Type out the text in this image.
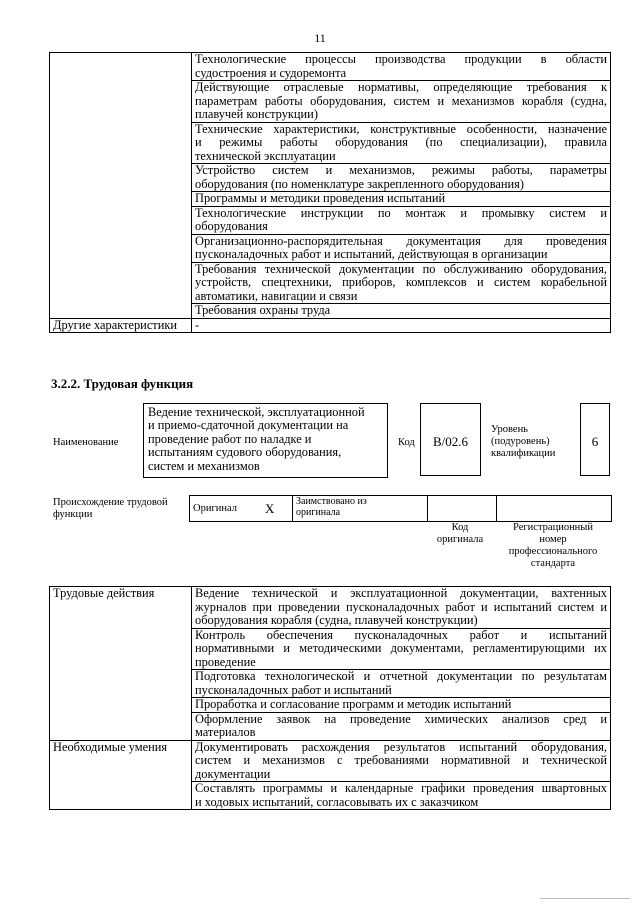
11

	Технологические процессы производства продукции в области
судостроения и судоремонта

	Действующие отраслевые нормативы, определяющие требования к
параметрам работы оборудования, систем и механизмов корабля (судна,
плавучей конструкции)

	Технические характеристики, конструктивные особенности, назначение
и режимы работы оборудования (по специализации), правила
технической эксплуатации

	Устройство систем и механизмов, режимы работы, параметры
оборудования (по номенклатуре закрепленного оборудования)

	Программы и методики проведения испытаний

	Технологические инструкции по монтаж и промывку систем и
оборудования

	Организационно-распорядительная документация для проведения
пусконаладочных работ и испытаний, действующая в организации

	Требования технической документации по обслуживанию оборудования,
устройств, спецтехники, приборов, комплексов и систем корабельной
автоматики, навигации и связи

	Требования охраны труда

Другие характеристики	-
3.2.2. Трудовая функция
Наименование
Ведение технической, эксплуатационной
и приемо-сдаточной документации на
проведение работ по наладке и
испытаниям судового оборудования,
систем и механизмов
Код	В/02.6
Уровень
(подуровень)
квалификации
6
Происхождение трудовой
функции
Оригинал	X	Заимствовано из
оригинала

Код
оригинала
Регистрационный
номер
профессионального
стандарта
Трудовые действия	Ведение технической и эксплуатационной документации, вахтенных
журналов при проведении пусконаладочных работ и испытаний систем и
оборудования корабля (судна, плавучей конструкции)

	Контроль обеспечения пусконаладочных работ и испытаний
нормативными и методическими документами, регламентирующими их
проведение

	Подготовка технологической и отчетной документации по результатам
пусконаладочных работ и испытаний

	Проработка и согласование программ и методик испытаний

	Оформление заявок на проведение химических анализов сред и
материалов

Необходимые умения	Документировать расхождения результатов испытаний оборудования,
систем и механизмов с требованиями нормативной и технической
документации

	Составлять программы и календарные графики проведения швартовных
и ходовых испытаний, согласовывать их с заказчиком
